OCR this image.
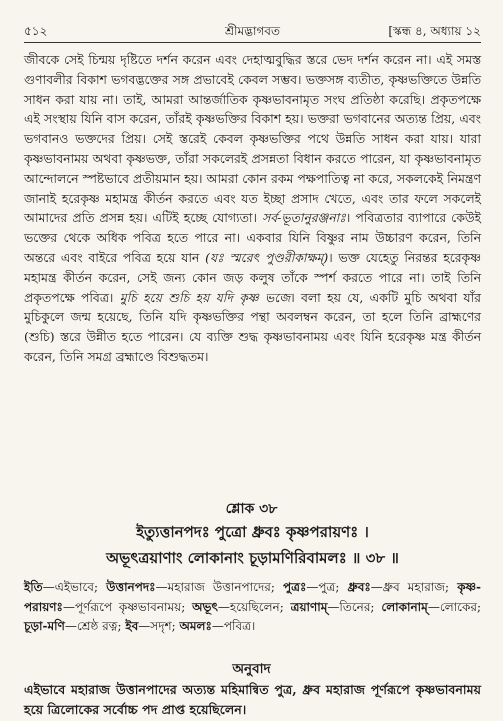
৫১২	শ্রীমদ্ভাগবত	[স্কন্ধ ৪, অধ্যায় ১২

জীবকে সেই চিন্ময় দৃষ্টিতে দর্শন করেন এবং দেহাত্মবুদ্ধির স্তরে ভেদ দর্শন করেন না। এই সমস্ত গুণাবলীর বিকাশ ভগবদ্ভক্তের সঙ্গ প্রভাবেই কেবল সম্ভব। ভক্তসঙ্গ ব্যতীত, কৃষ্ণভক্তিতে উন্নতি সাধন করা যায় না। তাই, আমরা আন্তর্জাতিক কৃষ্ণভাবনামৃত সংঘ প্রতিষ্ঠা করেছি। প্রকৃতপক্ষে এই সংস্থায় যিনি বাস করেন, তাঁরই কৃষ্ণভক্তির বিকাশ হয়। ভক্তরা ভগবানের অত্যন্ত প্রিয়, এবং ভগবানও ভক্তদের প্রিয়। সেই স্তরেই কেবল কৃষ্ণভক্তির পথে উন্নতি সাধন করা যায়। যারা কৃষ্ণভাবনাময় অথবা কৃষ্ণভক্ত, তাঁরা সকলেরই প্রসন্নতা বিধান করতে পারেন, যা কৃষ্ণভাবনামৃত আন্দোলনে স্পষ্টভাবে প্রতীয়মান হয়। আমরা কোন রকম পক্ষপাতিত্ব না করে, সকলকেই নিমন্ত্রণ জানাই হরেকৃষ্ণ মহামন্ত্র কীর্তন করতে এবং যত ইচ্ছা প্রসাদ খেতে, এবং তার ফলে সকলেই আমাদের প্রতি প্রসন্ন হয়। এটিই হচ্ছে যোগ্যতা। সর্ব-ভূতানুরঞ্জনাঃ। পবিত্রতার ব্যাপারে কেউই ভক্তের থেকে অধিক পবিত্র হতে পারে না। একবার যিনি বিষ্ণুর নাম উচ্চারণ করেন, তিনি অন্তরে এবং বাইরে পবিত্র হয়ে যান (যঃ স্মরেৎ পুণ্ডরীকাক্ষম্)। ভক্ত যেহেতু নিরন্তর হরেকৃষ্ণ মহামন্ত্র কীর্তন করেন, সেই জন্য কোন জড় কলুষ তাঁকে স্পর্শ করতে পারে না। তাই তিনি প্রকৃতপক্ষে পবিত্র। মুচি হয়ে শুচি হয় যদি কৃষ্ণ ভজে। বলা হয় যে, একটি মুচি অথবা যাঁর মুচিকুলে জন্ম হয়েছে, তিনি যদি কৃষ্ণভক্তির পন্থা অবলম্বন করেন, তা হলে তিনি ব্রাহ্মণের (শুচি) স্তরে উন্নীত হতে পারেন। যে ব্যক্তি শুদ্ধ কৃষ্ণভাবনাময় এবং যিনি হরেকৃষ্ণ মন্ত্র কীর্তন করেন, তিনি সমগ্র ব্রহ্মাণ্ডে বিশুদ্ধতম।

শ্লোক ৩৮
ইত্যুত্তানপদঃ পুত্রো ধ্রুবঃ কৃষ্ণপরায়ণঃ ।
অভূৎত্রয়াণাং লোকানাং চূড়ামণিরিবামলঃ ॥ ৩৮ ॥
ইতি—এইভাবে; উত্তানপদঃ—মহারাজ উত্তানপাদের; পুত্রঃ—পুত্র; ধ্রুবঃ—ধ্রুব মহারাজ; কৃষ্ণ-পরায়ণঃ—পূর্ণরূপে কৃষ্ণভাবনাময়; অভূৎ—হয়েছিলেন; ত্রয়াণাম্—তিনের; লোকানাম্—লোকের; চূড়া-মণি—শ্রেষ্ঠ রত্ন; ইব—সদৃশ; অমলঃ—পবিত্র।
অনুবাদ
এইভাবে মহারাজ উত্তানপাদের অত্যন্ত মহিমান্বিত পুত্র, ধ্রুব মহারাজ পূর্ণরূপে কৃষ্ণভাবনাময় হয়ে ত্রিলোকের সর্বোচ্চ পদ প্রাপ্ত হয়েছিলেন।
